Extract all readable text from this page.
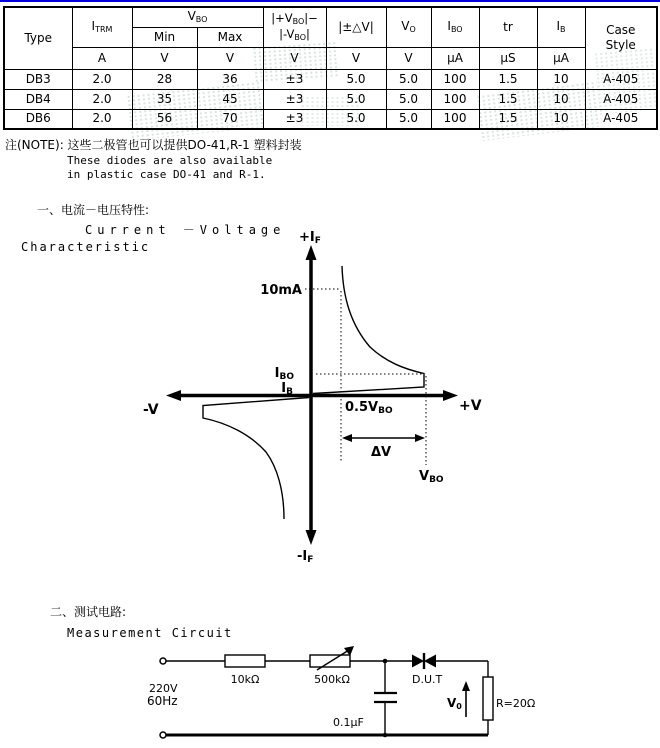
Type	$I_{TRM}$	$V_{BO}$	$|+V_{BO}|-$
$|-V_{BO}|$
	|±△V|	$V_O$	$I_{BO}$	tr	$I_B$	Case
Style

		Min	Max							
	A	V	V	V	V	V	μA	μS	μA	
DB3	2.0	28	36	±3	5.0	5.0	100	1.5	10	A-405
DB4	2.0	35	45	±3	5.0	5.0	100	1.5	10	A-405
DB6	2.0	56	70	±3	5.0	5.0	100	1.5	10	A-405
注(NOTE): 这些二极管也可以提供DO-41,R-1 塑料封装
These diodes are also available
in plastic case DO-41 and R-1.
一、电流－电压特性:
Current －Voltage
Characteristic
+IF
-IF
-V	+V
10mA
IBO
IB
0.5VBO
ΔV
VBO
二、测试电路:
Measurement Circuit
220V
60Hz
10kΩ	500kΩ
0.1μF
D.U.T
V0	R=20Ω
